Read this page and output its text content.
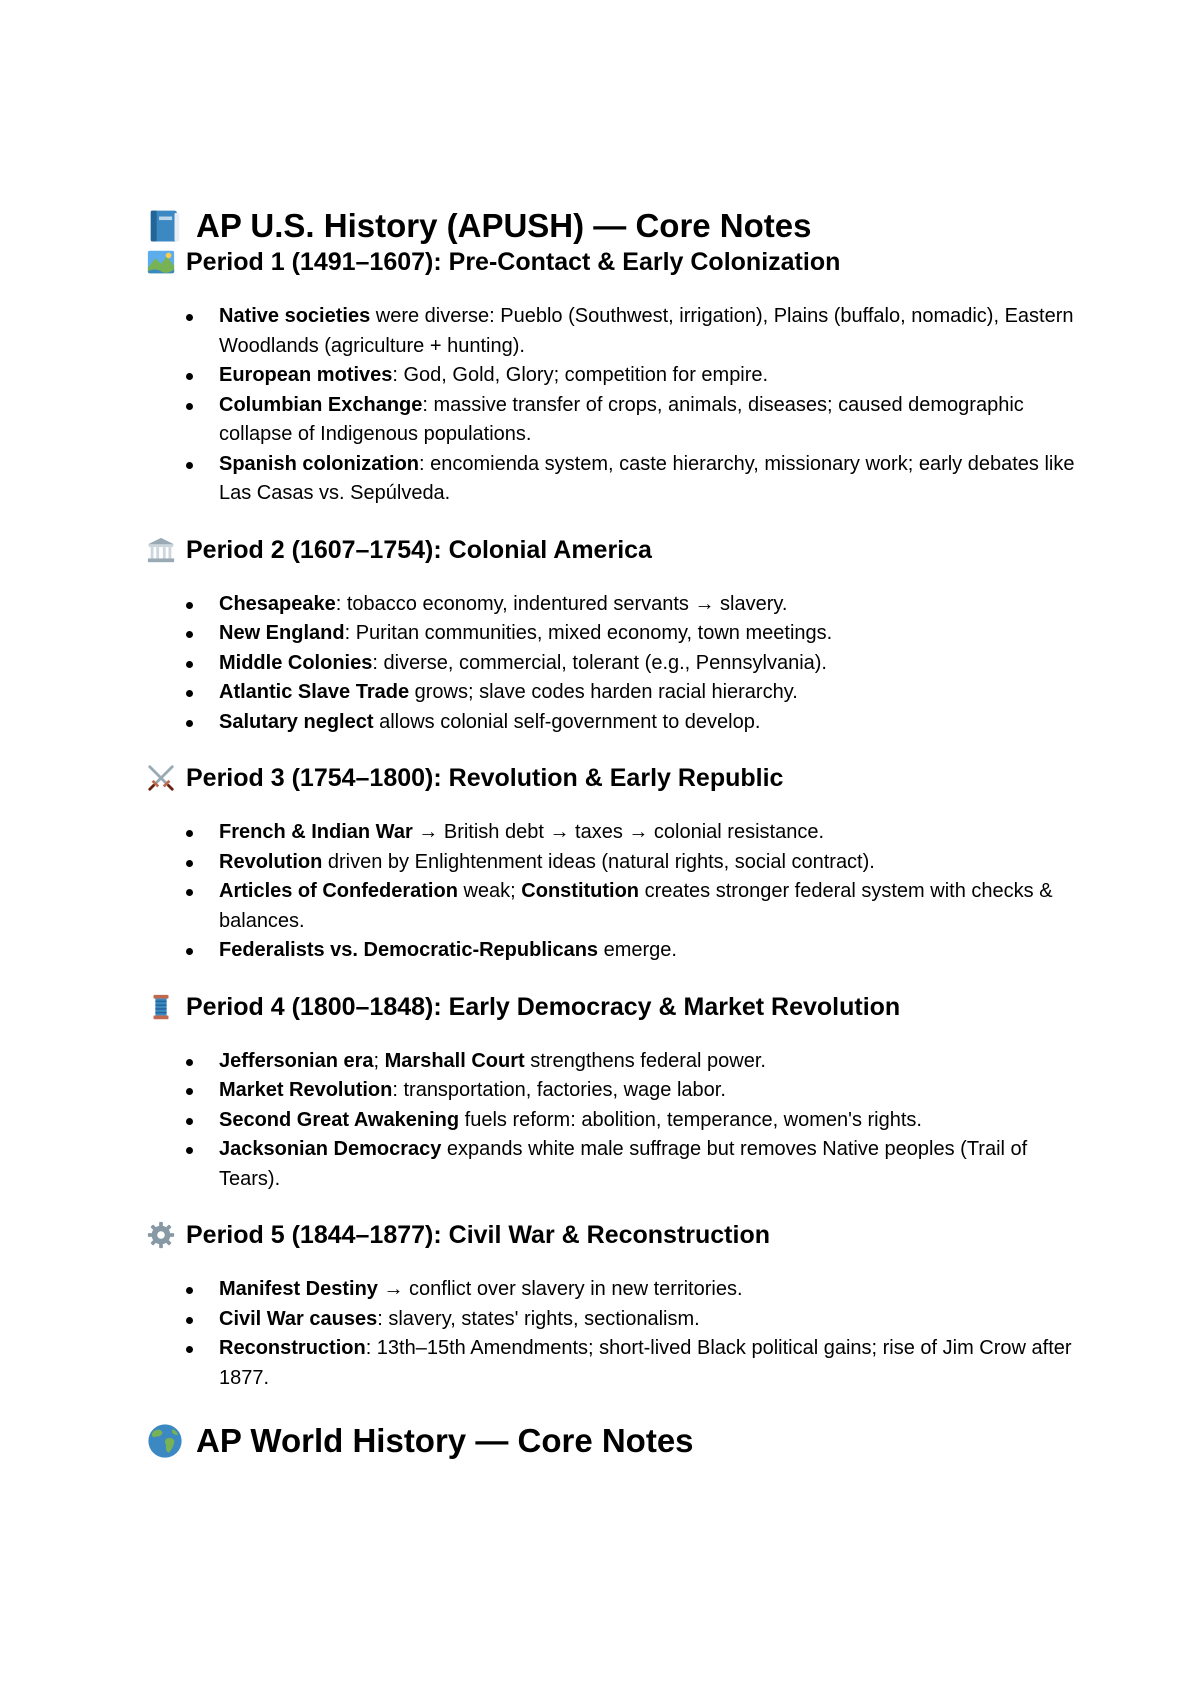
AP U.S. History (APUSH) — Core Notes
Period 1 (1491–1607): Pre-Contact & Early Colonization
Native societies were diverse: Pueblo (Southwest, irrigation), Plains (buffalo, nomadic), Eastern Woodlands (agriculture + hunting).
European motives: God, Gold, Glory; competition for empire.
Columbian Exchange: massive transfer of crops, animals, diseases; caused demographic collapse of Indigenous populations.
Spanish colonization: encomienda system, caste hierarchy, missionary work; early debates like Las Casas vs. Sepúlveda.
Period 2 (1607–1754): Colonial America
Chesapeake: tobacco economy, indentured servants → slavery.
New England: Puritan communities, mixed economy, town meetings.
Middle Colonies: diverse, commercial, tolerant (e.g., Pennsylvania).
Atlantic Slave Trade grows; slave codes harden racial hierarchy.
Salutary neglect allows colonial self-government to develop.
Period 3 (1754–1800): Revolution & Early Republic
French & Indian War → British debt → taxes → colonial resistance.
Revolution driven by Enlightenment ideas (natural rights, social contract).
Articles of Confederation weak; Constitution creates stronger federal system with checks & balances.
Federalists vs. Democratic-Republicans emerge.
Period 4 (1800–1848): Early Democracy & Market Revolution
Jeffersonian era; Marshall Court strengthens federal power.
Market Revolution: transportation, factories, wage labor.
Second Great Awakening fuels reform: abolition, temperance, women's rights.
Jacksonian Democracy expands white male suffrage but removes Native peoples (Trail of Tears).
Period 5 (1844–1877): Civil War & Reconstruction
Manifest Destiny → conflict over slavery in new territories.
Civil War causes: slavery, states' rights, sectionalism.
Reconstruction: 13th–15th Amendments; short-lived Black political gains; rise of Jim Crow after 1877.
AP World History — Core Notes
